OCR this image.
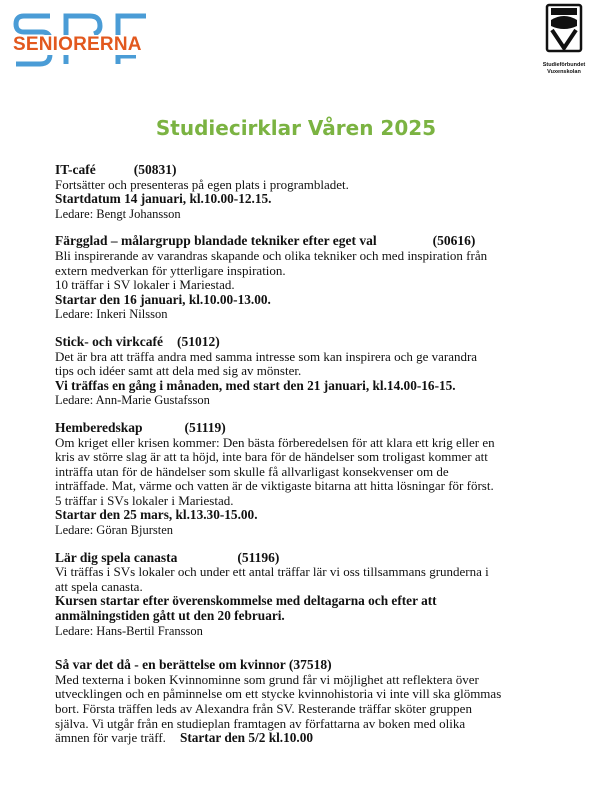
SENIORERNA
Studieförbundet
Vuxenskolan
Studiecirklar Våren 2025
IT-café	(50831)
Fortsätter och presenteras på egen plats i programbladet.
Startdatum 14 januari, kl.10.00-12.15.
Ledare: Bengt Johansson
Färgglad – målargrupp blandade tekniker efter eget val	(50616)
Bli inspirerande av varandras skapande och olika tekniker och med inspiration från
extern medverkan för ytterligare inspiration.
10 träffar i SV lokaler i Mariestad.
Startar den 16 januari, kl.10.00-13.00.
Ledare: Inkeri Nilsson
Stick- och virkcafé (51012)
Det är bra att träffa andra med samma intresse som kan inspirera och ge varandra
tips och idéer samt att dela med sig av mönster.
Vi träffas en gång i månaden, med start den 21 januari, kl.14.00-16-15.
Ledare: Ann-Marie Gustafsson
Hemberedskap	(51119)
Om kriget eller krisen kommer: Den bästa förberedelsen för att klara ett krig eller en
kris av större slag är att ta höjd, inte bara för de händelser som troligast kommer att
inträffa utan för de händelser som skulle få allvarligast konsekvenser om de
inträffade. Mat, värme och vatten är de viktigaste bitarna att hitta lösningar för först.
5 träffar i SVs lokaler i Mariestad.
Startar den 25 mars, kl.13.30-15.00.
Ledare: Göran Bjursten
Lär dig spela canasta	(51196)
Vi träffas i SVs lokaler och under ett antal träffar lär vi oss tillsammans grunderna i
att spela canasta.
Kursen startar efter överenskommelse med deltagarna och efter att
anmälningstiden gått ut den 20 februari.
Ledare: Hans-Bertil Fransson
Så var det då - en berättelse om kvinnor (37518)
Med texterna i boken Kvinnominne som grund får vi möjlighet att reflektera över
utvecklingen och en påminnelse om ett stycke kvinnohistoria vi inte vill ska glömmas
bort. Första träffen leds av Alexandra från SV. Resterande träffar sköter gruppen
själva. Vi utgår från en studieplan framtagen av författarna av boken med olika
ämnen för varje träff. Startar den 5/2 kl.10.00
